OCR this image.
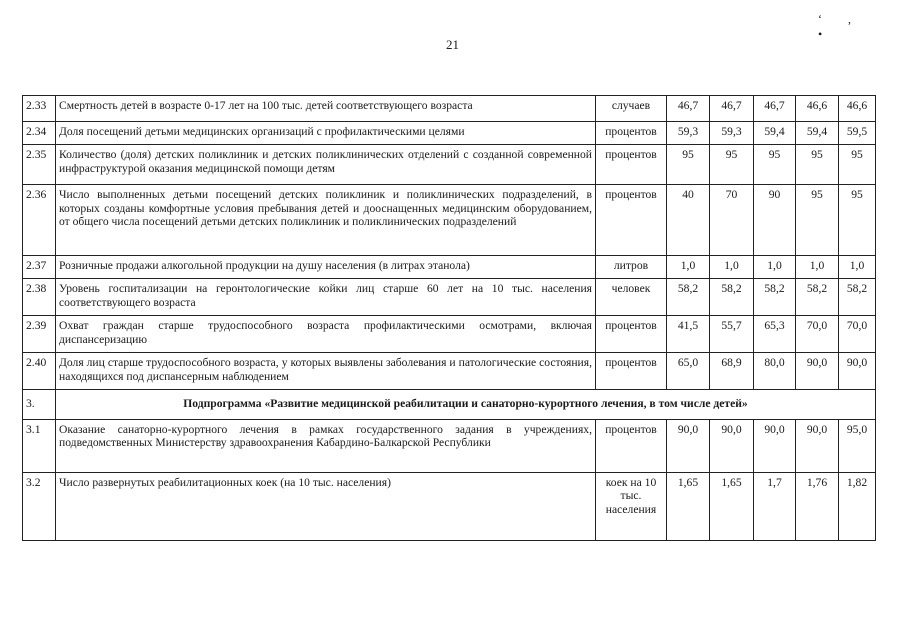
21
‘, •
2.33	Смертность детей в возрасте 0-17 лет на 100 тыс. детей соответствующего возраста	случаев	46,7	46,7	46,7	46,6	46,6
2.34	Доля посещений детьми медицинских организаций с профилактическими целями	процентов	59,3	59,3	59,4	59,4	59,5
2.35	Количество (доля) детских поликлиник и детских поликлинических отделений с созданной современной инфраструктурой оказания медицинской помощи детям	процентов	95	95	95	95	95
2.36	Число выполненных детьми посещений детских поликлиник и поликлинических подразделений, в которых созданы комфортные условия пребывания детей и дооснащенных медицинским оборудованием, от общего числа посещений детьми детских поликлиник и поликлинических подразделений	процентов	40	70	90	95	95
2.37	Розничные продажи алкогольной продукции на душу населения (в литрах этанола)	литров	1,0	1,0	1,0	1,0	1,0
2.38	Уровень госпитализации на геронтологические койки лиц старше 60 лет на 10 тыс. населения соответствующего возраста	человек	58,2	58,2	58,2	58,2	58,2
2.39	Охват граждан старше трудоспособного возраста профилактическими осмотрами, включая диспансеризацию	процентов	41,5	55,7	65,3	70,0	70,0
2.40	Доля лиц старше трудоспособного возраста, у которых выявлены заболевания и патологические состояния, находящихся под диспансерным наблюдением	процентов	65,0	68,9	80,0	90,0	90,0
3.	Подпрограмма «Развитие медицинской реабилитации и санаторно-курортного лечения, в том числе детей»						
3.1	Оказание санаторно-курортного лечения в рамках государственного задания в учреждениях, подведомственных Министерству здравоохранения Кабардино-Балкарской Республики	процентов	90,0	90,0	90,0	90,0	95,0
3.2	Число развернутых реабилитационных коек (на 10 тыс. населения)	коек на 10 тыс. населения	1,65	1,65	1,7	1,76	1,82
